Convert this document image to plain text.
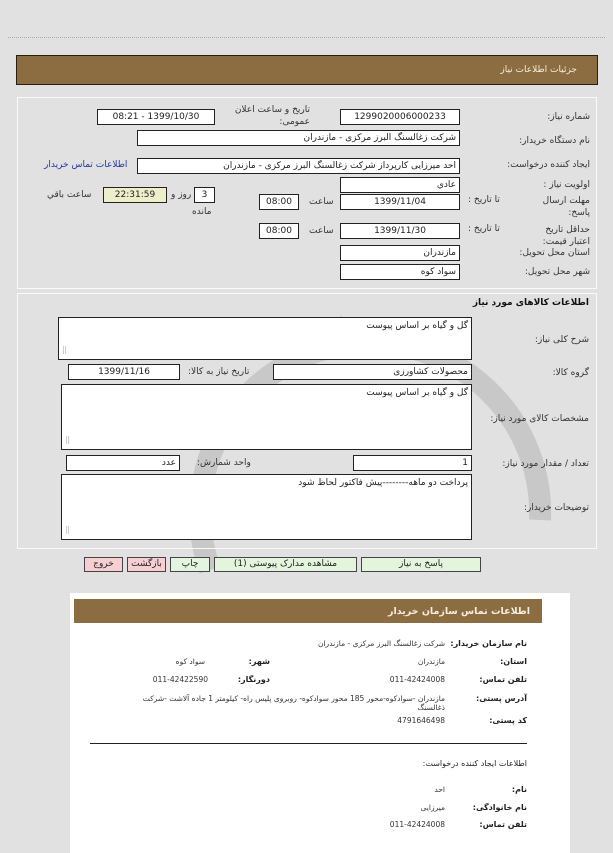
جزئیات اطلاعات نیاز
شماره نیاز:
1299020006000233
تاریخ و ساعت اعلان عمومی:
1399/10/30 - 08:21
نام دستگاه خریدار:
شرکت زغالسنگ البرز مرکزی - مازندران
ایجاد کننده درخواست:
احد میرزایی کارپرداز شرکت زغالسنگ البرز مرکزی - مازندران
اطلاعات تماس خریدار
اولویت نیاز :
عادي
مهلت ارسال پاسخ:
تا تاریخ :
1399/11/04
ساعت
08:00
3
روز و
22:31:59
ساعت باقي
مانده
حداقل تاریخ اعتبار قیمت:
تا تاریخ :
1399/11/30
ساعت
08:00
استان محل تحویل:
مازندران
شهر محل تحویل:
سواد کوه
اطلاعات کالاهای مورد نیاز
شرح کلی نیاز:
گل و گیاه بر اساس پیوست
⣿
گروه کالا:
محصولات کشاورزی
تاریخ نیاز به کالا:
1399/11/16
مشخصات کالای مورد نیاز:
گل و گیاه بر اساس پیوست
⣿
تعداد / مقدار مورد نیاز:
1
واحد شمارش:
عدد
توضیحات خریدار:
پرداخت دو ماهه--------پیش فاکتور لحاظ شود
⣿
پاسخ به نیاز
مشاهده مدارک پیوستی (1)
چاپ
بازگشت
خروج
اطلاعات تماس سازمان خریدار
نام سازمان خریدار:
شرکت زغالسنگ البرز مرکزی - مازندران
استان:
مازندران
شهر:
سواد کوه
تلفن تماس:
011-42424008
دورنگار:
011-42422590
آدرس پستی:
مازندران -سوادکوه-محور 185 محور سوادکوه- روبروی پلیس راه- کیلومتر 1 جاده آلاشت -شرکت ذغالسنگ
کد پستی:
4791646498
اطلاعات ایجاد کننده درخواست:
نام:
احد
نام خانوادگی:
میرزایی
تلفن تماس:
011-42424008
